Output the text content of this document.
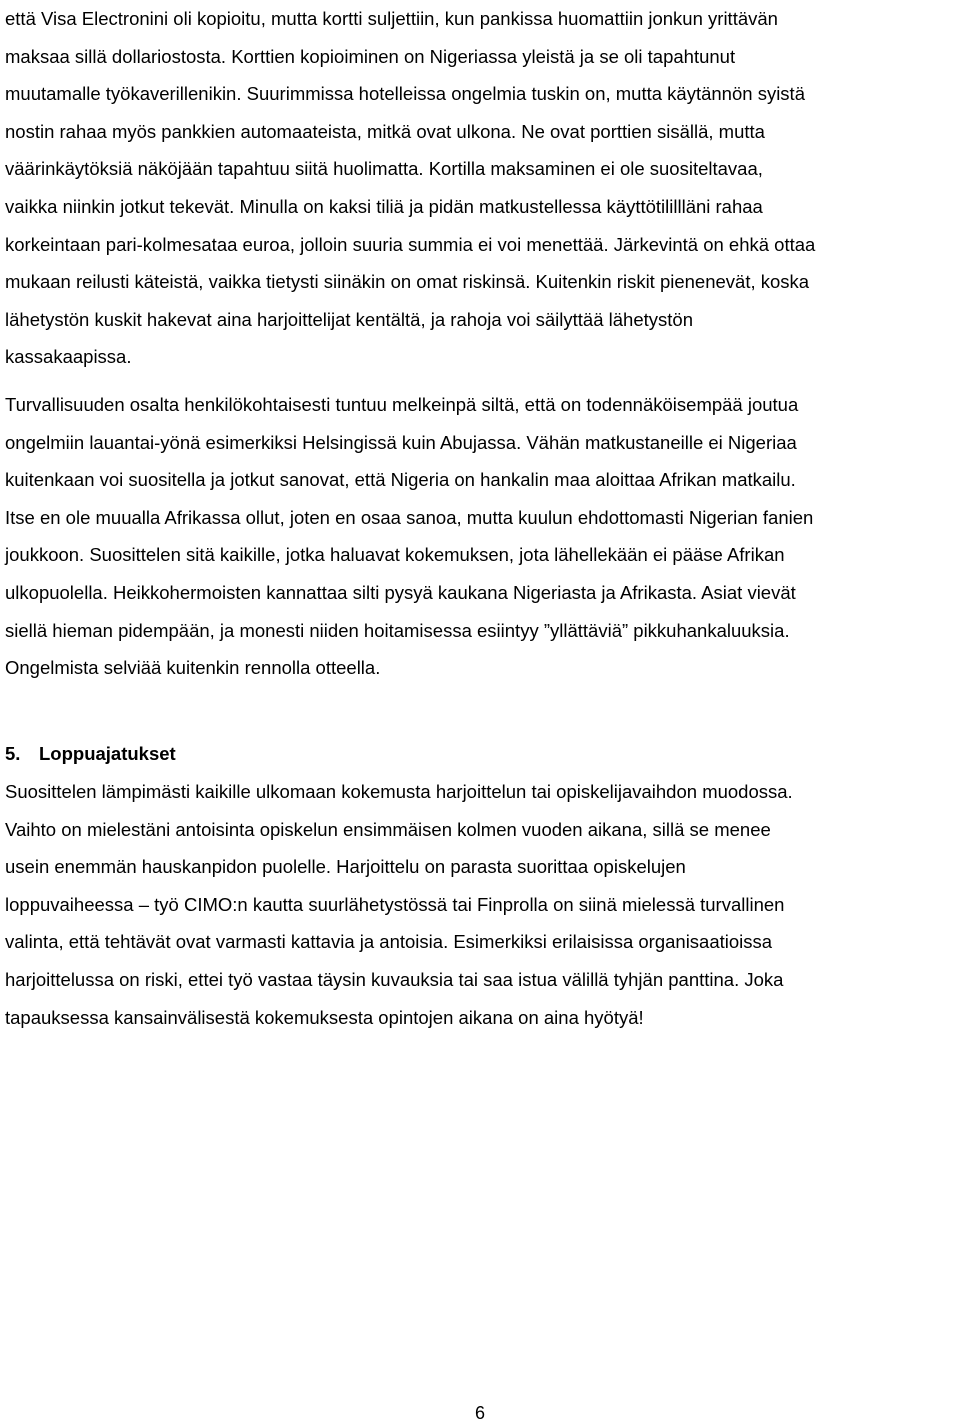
että Visa Electronini oli kopioitu, mutta kortti suljettiin, kun pankissa huomattiin jonkun yrittävän
maksaa sillä dollariostosta. Korttien kopioiminen on Nigeriassa yleistä ja se oli tapahtunut
muutamalle työkaverillenikin. Suurimmissa hotelleissa ongelmia tuskin on, mutta käytännön syistä
nostin rahaa myös pankkien automaateista, mitkä ovat ulkona. Ne ovat porttien sisällä, mutta
väärinkäytöksiä näköjään tapahtuu siitä huolimatta. Kortilla maksaminen ei ole suositeltavaa,
vaikka niinkin jotkut tekevät. Minulla on kaksi tiliä ja pidän matkustellessa käyttötilillläni rahaa
korkeintaan pari-kolmesataa euroa, jolloin suuria summia ei voi menettää. Järkevintä on ehkä ottaa
mukaan reilusti käteistä, vaikka tietysti siinäkin on omat riskinsä. Kuitenkin riskit pienenevät, koska
lähetystön kuskit hakevat aina harjoittelijat kentältä, ja rahoja voi säilyttää lähetystön
kassakaapissa.
Turvallisuuden osalta henkilökohtaisesti tuntuu melkeinpä siltä, että on todennäköisempää joutua
ongelmiin lauantai-yönä esimerkiksi Helsingissä kuin Abujassa. Vähän matkustaneille ei Nigeriaa
kuitenkaan voi suositella ja jotkut sanovat, että Nigeria on hankalin maa aloittaa Afrikan matkailu.
Itse en ole muualla Afrikassa ollut, joten en osaa sanoa, mutta kuulun ehdottomasti Nigerian fanien
joukkoon. Suosittelen sitä kaikille, jotka haluavat kokemuksen, jota lähellekään ei pääse Afrikan
ulkopuolella. Heikkohermoisten kannattaa silti pysyä kaukana Nigeriasta ja Afrikasta. Asiat vievät
siellä hieman pidempään, ja monesti niiden hoitamisessa esiintyy ”yllättäviä” pikkuhankaluuksia.
Ongelmista selviää kuitenkin rennolla otteella.
5. Loppuajatukset
Suosittelen lämpimästi kaikille ulkomaan kokemusta harjoittelun tai opiskelijavaihdon muodossa.
Vaihto on mielestäni antoisinta opiskelun ensimmäisen kolmen vuoden aikana, sillä se menee
usein enemmän hauskanpidon puolelle. Harjoittelu on parasta suorittaa opiskelujen
loppuvaiheessa – työ CIMO:n kautta suurlähetystössä tai Finprolla on siinä mielessä turvallinen
valinta, että tehtävät ovat varmasti kattavia ja antoisia. Esimerkiksi erilaisissa organisaatioissa
harjoittelussa on riski, ettei työ vastaa täysin kuvauksia tai saa istua välillä tyhjän panttina. Joka
tapauksessa kansainvälisestä kokemuksesta opintojen aikana on aina hyötyä!
6
